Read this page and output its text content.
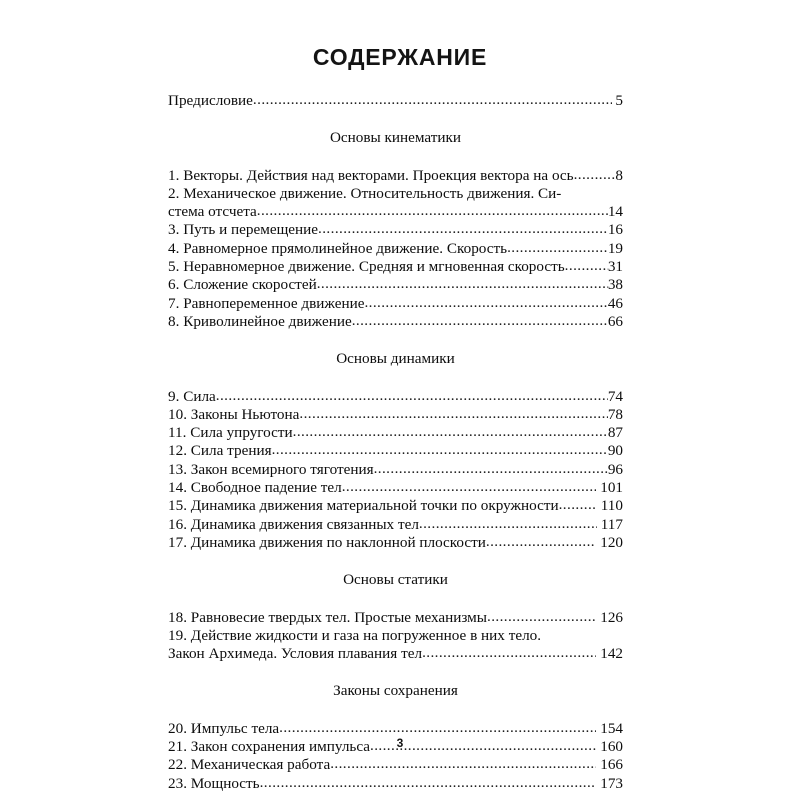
СОДЕРЖАНИЕ
Предисловие .....	5
Основы кинематики
1. Векторы. Действия над векторами. Проекция вектора на ось .....	8
2. Механическое движение. Относительность движения. Си-
стема отсчета .....	14
3. Путь и перемещение .....	16
4. Равномерное прямолинейное движение. Скорость .....	19
5. Неравномерное движение. Средняя и мгновенная скорость .....	31
6. Сложение скоростей .....	38
7. Равнопеременное движение .....	46
8. Криволинейное движение .....	66
Основы динамики
9. Сила .....	74
10. Законы Ньютона .....	78
11. Сила упругости .....	87
12. Сила трения .....	90
13. Закон всемирного тяготения .....	96
14. Свободное падение тел .....	101
15. Динамика движения материальной точки по окружности .....	110
16. Динамика движения связанных тел .....	117
17. Динамика движения по наклонной плоскости .....	120
Основы статики
18. Равновесие твердых тел. Простые механизмы .....	126
19. Действие жидкости и газа на погруженное в них тело.
Закон Архимеда. Условия плавания тел .....	142
Законы сохранения
20. Импульс тела .....	154
21. Закон сохранения импульса .....	160
22. Механическая работа .....	166
23. Мощность .....	173
3
